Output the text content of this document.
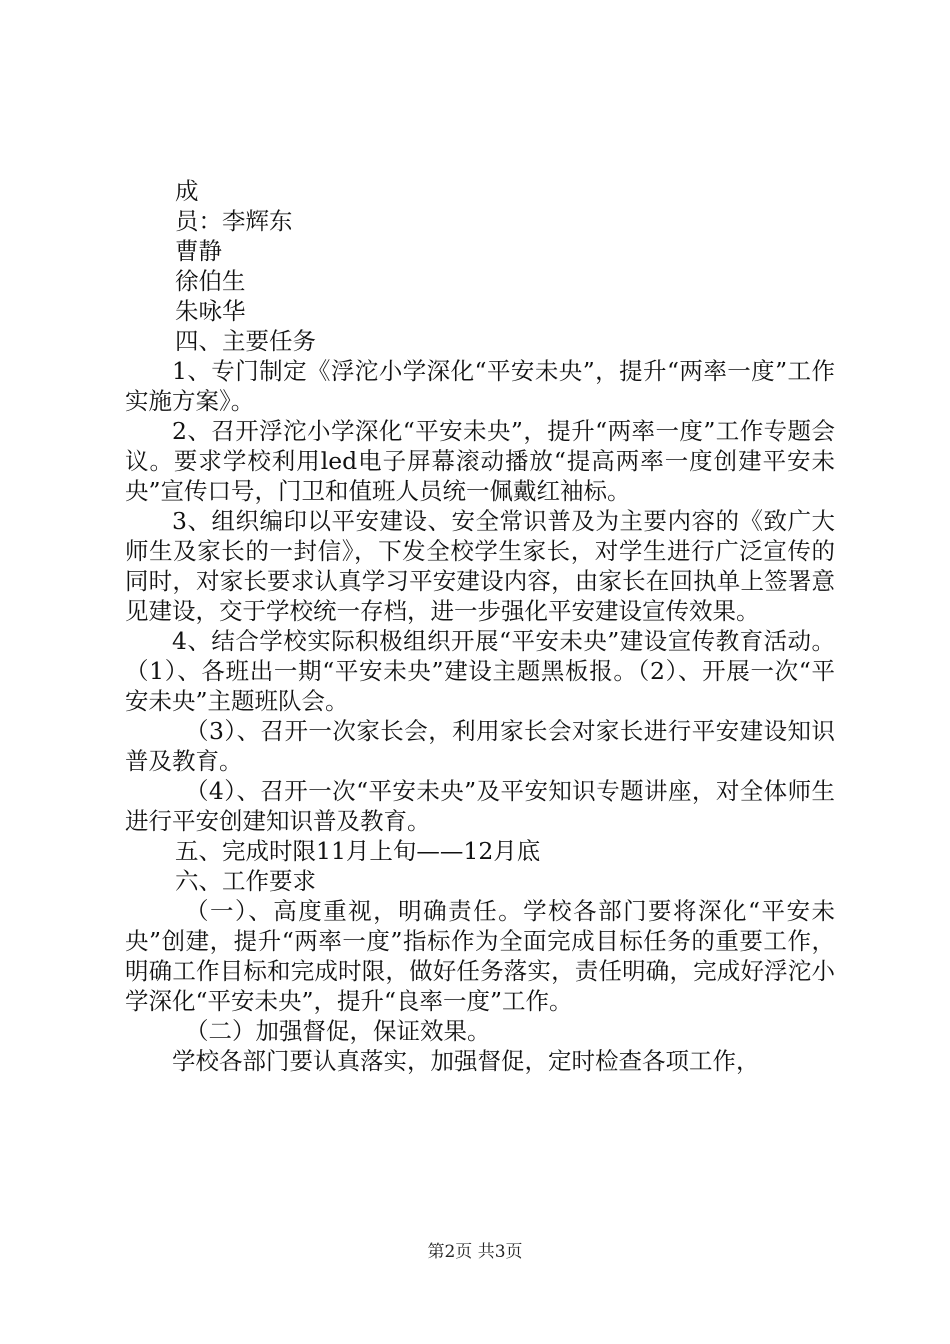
成

员：李辉东

曹静

徐伯生

朱咏华

四、主要任务

1、专门制定《浮沱小学深化“平安未央”，提升“两率一度”工作实施方案》。

2、召开浮沱小学深化“平安未央”，提升“两率一度”工作专题会议。要求学校利用led电子屏幕滚动播放“提高两率一度创建平安未央”宣传口号，门卫和值班人员统一佩戴红袖标。

3、组织编印以平安建设、安全常识普及为主要内容的《致广大师生及家长的一封信》，下发全校学生家长，对学生进行广泛宣传的同时，对家长要求认真学习平安建设内容，由家长在回执单上签署意见建设，交于学校统一存档，进一步强化平安建设宣传效果。

4、结合学校实际积极组织开展“平安未央”建设宣传教育活动。（1）、各班出一期“平安未央”建设主题黑板报。（2）、开展一次“平安未央”主题班队会。

（3）、召开一次家长会，利用家长会对家长进行平安建设知识普及教育。

（4）、召开一次“平安未央”及平安知识专题讲座，对全体师生进行平安创建知识普及教育。

五、完成时限11月上旬——12月底

六、工作要求

（一）、高度重视，明确责任。学校各部门要将深化“平安未央”创建，提升“两率一度”指标作为全面完成目标任务的重要工作，明确工作目标和完成时限，做好任务落实，责任明确，完成好浮沱小学深化“平安未央”，提升“良率一度”工作。

（二）加强督促，保证效果。

学校各部门要认真落实，加强督促，定时检查各项工作，

第2页 共3页
